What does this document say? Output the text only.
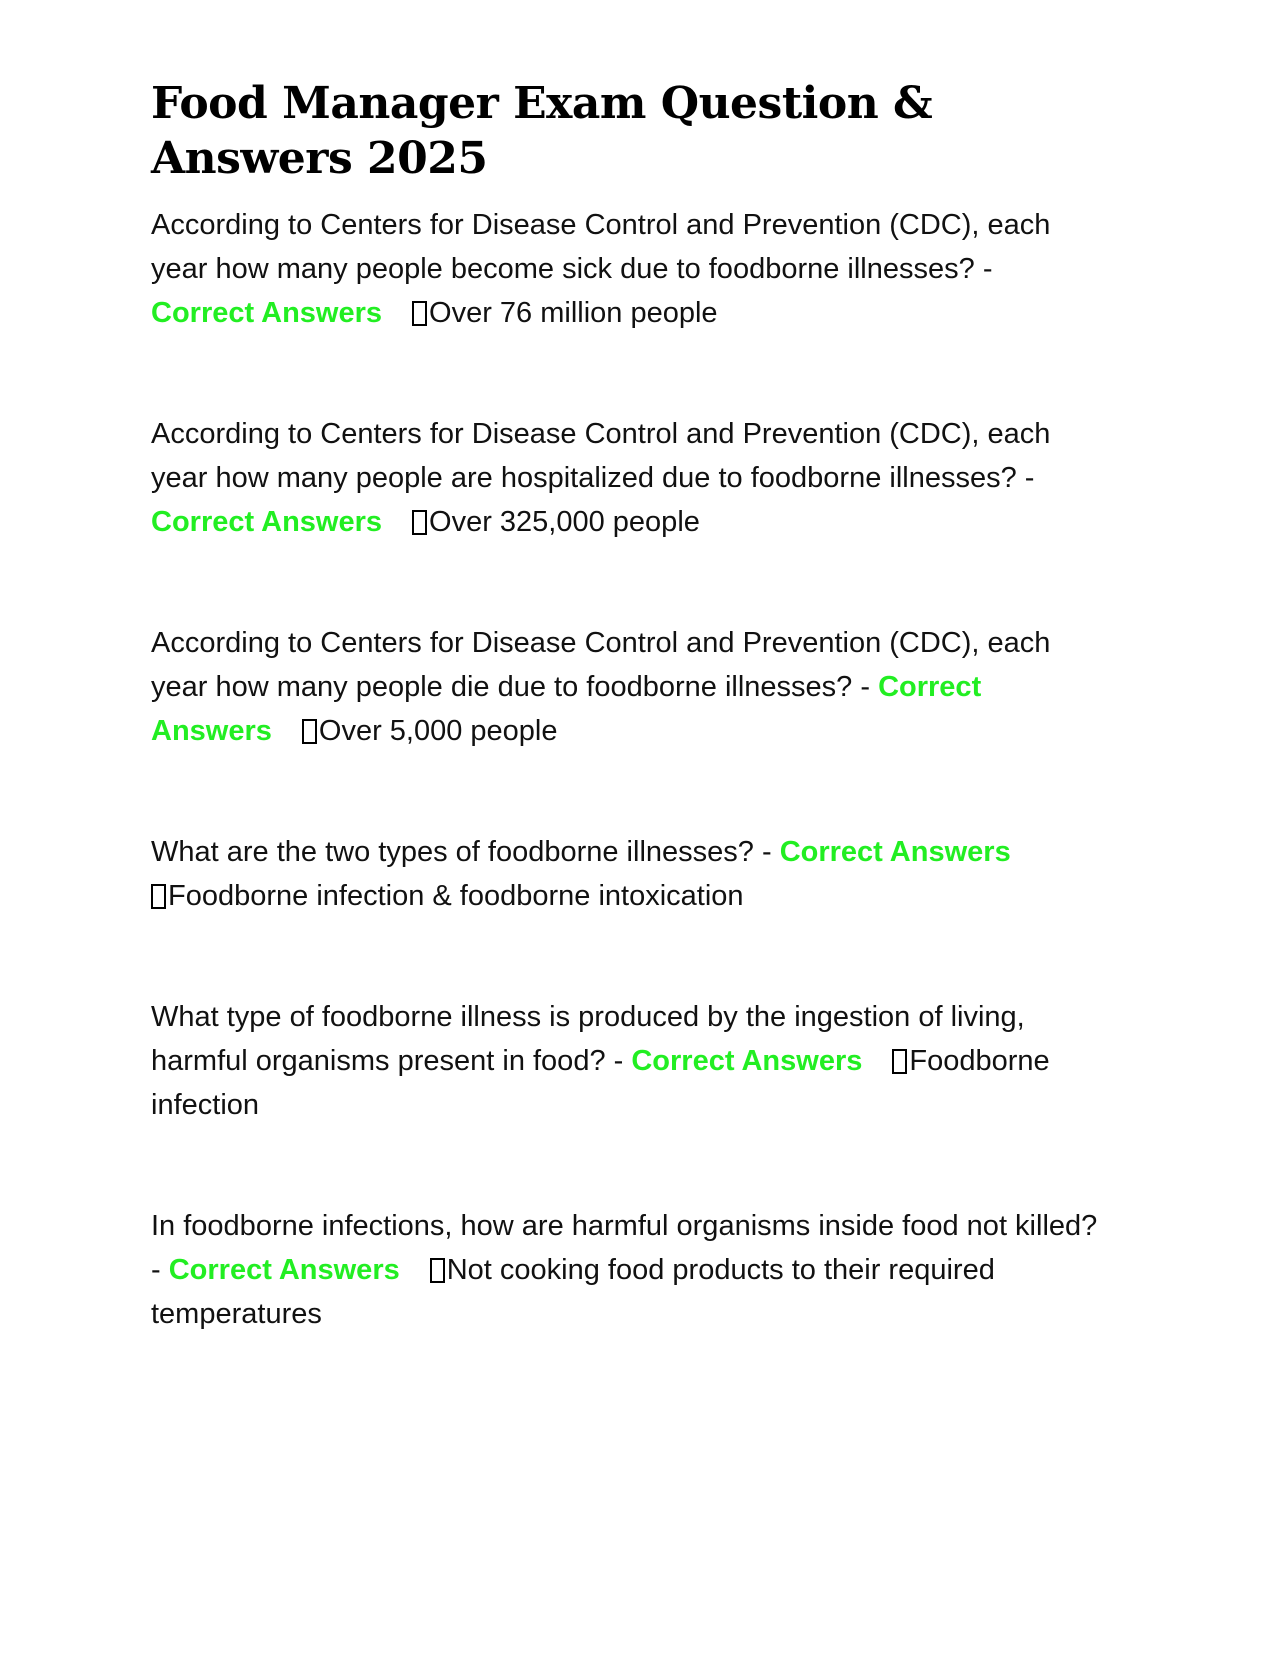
Food Manager Exam Question & Answers 2025

According to Centers for Disease Control and Prevention (CDC), each year how many people become sick due to foodborne illnesses? -
Correct Answers Over 76 million people

According to Centers for Disease Control and Prevention (CDC), each year how many people are hospitalized due to foodborne illnesses? -
Correct Answers Over 325,000 people

According to Centers for Disease Control and Prevention (CDC), each year how many people die due to foodborne illnesses? - Correct Answers Over 5,000 people

What are the two types of foodborne illnesses? - Correct Answers
Foodborne infection & foodborne intoxication

What type of foodborne illness is produced by the ingestion of living, harmful organisms present in food? - Correct Answers Foodborne infection

In foodborne infections, how are harmful organisms inside food not killed? - Correct Answers Not cooking food products to their required temperatures
